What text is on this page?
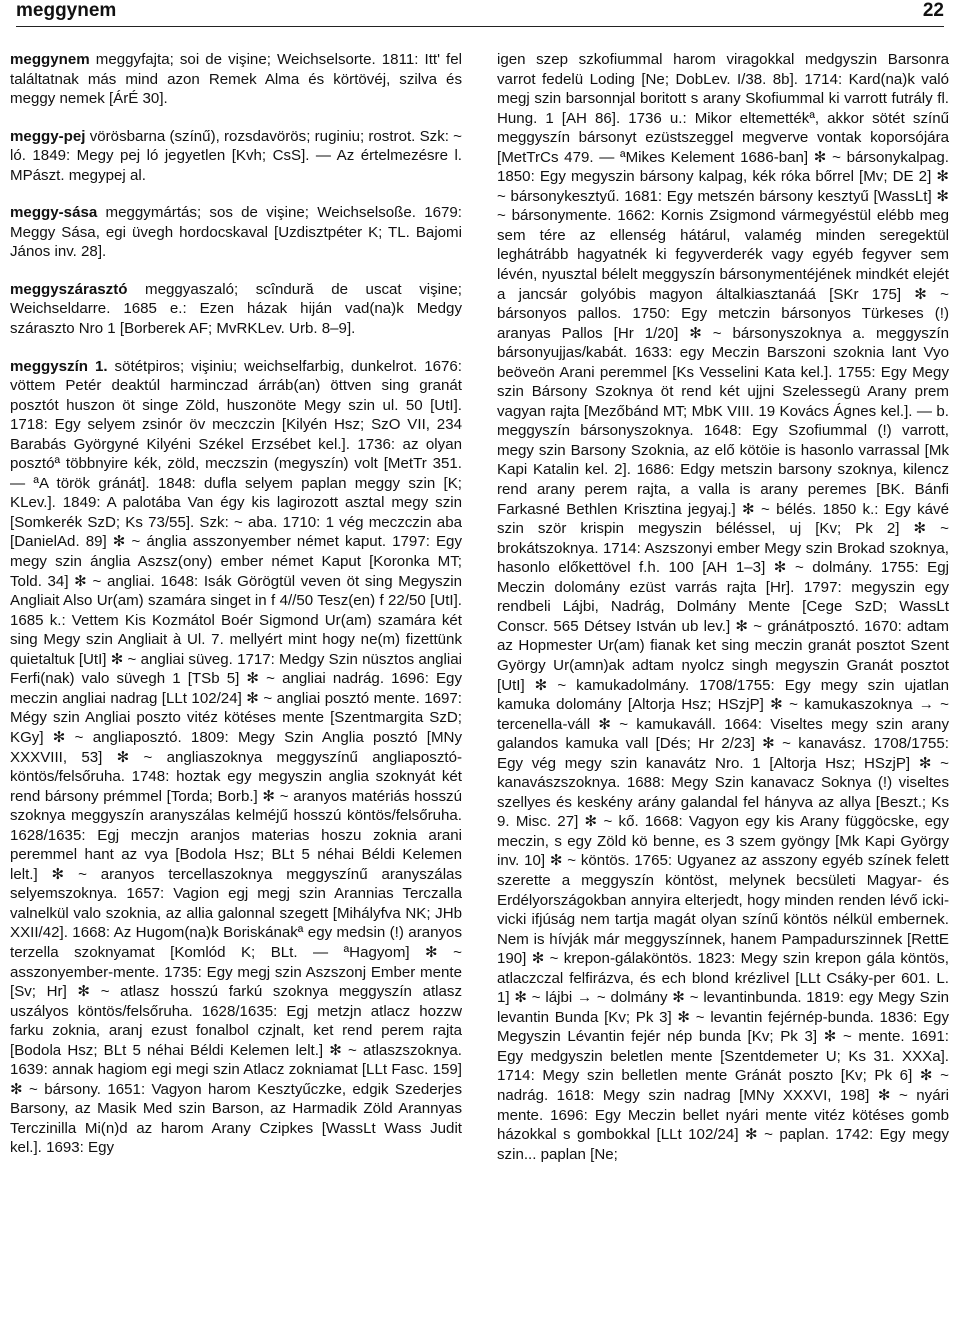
meggynem	22

meggynem meggyfajta; soi de vişine; Weichselsorte. 1811: Itt' fel találtatnak más mind azon Remek Alma és körtövéj, szilva és meggy nemek [ÁrÉ 30].

meggy-pej vörösbarna (színű), rozsdavörös; ruginiu; rostrot. Szk: ~ ló. 1849: Megy pej ló jegyetlen [Kvh; CsS]. — Az értelmezésre l. MPászt. megypej al.

meggy-sása meggymártás; sos de vişine; Weichselsoße. 1679: Meggy Sása, egi üvegh hordocskaval [Uzdisztpéter K; TL. Bajomi János inv. 28].

meggyszárasztó meggyaszaló; scîndură de uscat vişine; Weichseldarre. 1685 e.: Ezen házak hiján vad(na)k Medgy száraszto Nro 1 [Borberek AF; MvRKLev. Urb. 8–9].

meggyszín 1. sötétpiros; vişiniu; weichselfarbig, dunkelrot. 1676: vöttem Petér deaktúl harminczad árráb(an) öttven sing granát posztót huszon öt singe Zöld, huszonöte Megy szin ul. 50 [UtI]. 1718: Egy selyem zsinór öv meczczin [Kilyén Hsz; SzO VII, 234 Barabás Györgyné Kilyéni Székel Erzsébet kel.]. 1736: az olyan posztóª többnyire kék, zöld, meczszin (megyszín) volt [MetTr 351. — ªA török gránát]. 1848: dufla selyem paplan meggy szin [K; KLev.]. 1849: A palotába Van égy kis lagirozott asztal megy szin [Somkerék SzD; Ks 73/55]. Szk: ~ aba. 1710: 1 vég meczczin aba [DanielAd. 89] ✻ ~ ánglia asszonyember német kaput. 1797: Egy megy szin ánglia Aszsz(ony) ember német Kaput [Koronka MT; Told. 34] ✻ ~ angliai. 1648: Isák Görögtül veven öt sing Megyszin Angliait Also Ur(am) szamára singet in f 4//50 Tesz(en) f 22/50 [UtI]. 1685 k.: Vettem Kis Kozmátol Boér Sigmond Ur(am) szamára két sing Megy szin Angliait à Ul. 7. mellyért mint hogy ne(m) fizettünk quietaltuk [UtI] ✻ ~ angliai süveg. 1717: Medgy Szin nüsztos angliai Ferfi(nak) valo süvegh 1 [TSb 5] ✻ ~ angliai nadrág. 1696: Egy meczin angliai nadrag [LLt 102/24] ✻ ~ angliai posztó mente. 1697: Mégy szin Angliai poszto vitéz kötéses mente [Szentmargita SzD; KGy] ✻ ~ angliaposztó. 1809: Megy Szin Anglia posztó [MNy XXXVIII, 53] ✻ ~ angliaszoknya meggyszínű angliaposztó-köntös/felsőruha. 1748: hoztak egy megyszin anglia szoknyát két rend bársony prémmel [Torda; Borb.] ✻ ~ aranyos matériás hosszú szoknya meggyszín aranyszálas kelméjű hosszú köntös/felsőruha. 1628/1635: Egj meczjn aranjos materias hoszu zoknia arani peremmel hant az vya [Bodola Hsz; BLt 5 néhai Béldi Kelemen lelt.] ✻ ~ aranyos tercellaszoknya meggyszínű aranyszálas selyemszoknya. 1657: Vagion egj megj szin Arannias Terczalla valnelkül valo szoknia, az allia galonnal szegett [Mihályfva NK; JHb XXII/42]. 1668: Az Hugom(na)k Boriskánakª egy medsin (!) aranyos terzella szoknyamat [Komlód K; BLt. — ªHagyom] ✻ ~ asszonyember-mente. 1735: Egy megj szin Aszszonj Ember mente [Sv; Hr] ✻ ~ atlasz hosszú farkú szoknya meggyszín atlasz uszályos köntös/felsőruha. 1628/1635: Egj metzjn atlacz hozzw farku zoknia, aranj ezust fonalbol czjnalt, ket rend perem rajta [Bodola Hsz; BLt 5 néhai Béldi Kelemen lelt.] ✻ ~ atlaszszoknya. 1639: annak hagiom egi megi szin Atlacz zokniamat [LLt Fasc. 159] ✻ ~ bársony. 1651: Vagyon harom Kesztyűczke, edgik Szederjes Barsony, az Masik Med szin Barson, az Harmadik Zöld Arannyas Terczinilla Mi(n)d az harom Arany Czipkes [WassLt Wass Judit kel.]. 1693: Egy

igen szep szkofiummal harom viragokkal medgyszin Barsonra varrot fedelü Loding [Ne; DobLev. I/38. 8b]. 1714: Kard(na)k való megj szin barsonnjal boritott s arany Skofiummal ki varrott futrály fl. Hung. 1 [AH 86]. 1736 u.: Mikor eltemettékª, akkor sötét színű meggyszín bársonyt ezüstszeggel megverve vontak koporsójára [MetTrCs 479. — ªMikes Kelement 1686-ban] ✻ ~ bársonykalpag. 1850: Egy megyszin bársony kalpag, kék róka bőrrel [Mv; DE 2] ✻ ~ bársonykesztyű. 1681: Egy metszén bársony kesztyű [WassLt] ✻ ~ bársonymente. 1662: Kornis Zsigmond vármegyéstül elébb meg sem tére az ellenség hátárul, valamég minden seregektül leghátrább hagyatnék ki fegyverderék vagy egyéb fegyver sem lévén, nyusztal bélelt meggyszín bársonymentéjének mindkét elejét a jancsár golyóbis magyon általkiasztanáá [SKr 175] ✻ ~ bársonyos pallos. 1750: Egy metczin bársonyos Türkeses (!) aranyas Pallos [Hr 1/20] ✻ ~ bársonyszoknya a. meggyszín bársonyujjas/kabát. 1633: egy Meczin Barszoni szoknia lant Vyo beöveön Arani peremmel [Ks Vesselini Kata kel.]. 1755: Egy Megy szin Bársony Szoknya öt rend két ujjni Szelessegü Arany prem vagyan rajta [Mezőbánd MT; MbK VIII. 19 Kovács Ágnes kel.]. — b. meggyszín bársonyszoknya. 1648: Egy Szofiummal (!) varrott, megy szin Barsony Szoknia, az elő kötöie is hasonlo varrassal [Mk Kapi Katalin kel. 2]. 1686: Edgy metszin barsony szoknya, kilencz rend arany perem rajta, a valla is arany peremes [BK. Bánfi Farkasné Bethlen Krisztina jegyaj.] ✻ ~ bélés. 1850 k.: Egy kávé szin ször krispin megyszin béléssel, uj [Kv; Pk 2] ✻ ~ brokátszoknya. 1714: Aszszonyi ember Megy szin Brokad szoknya, hasonlo előkettövel f.h. 100 [AH 1–3] ✻ ~ dolmány. 1755: Egj Meczin dolomány ezüst varrás rajta [Hr]. 1797: megyszin egy rendbeli Lájbi, Nadrág, Dolmány Mente [Cege SzD; WassLt Conscr. 565 Détsey István ub lev.] ✻ ~ gránátposztó. 1670: adtam az Hopmester Ur(am) fianak ket sing meczin granát posztot Szent György Ur(amn)ak adtam nyolcz singh megyszin Granát posztot [UtI] ✻ ~ kamukadolmány. 1708/1755: Egy megy szin ujatlan kamuka dolomány [Altorja Hsz; HSzjP] ✻ ~ kamukaszoknya → ~ tercenella-váll ✻ ~ kamukaváll. 1664: Viseltes megy szin arany galandos kamuka vall [Dés; Hr 2/23] ✻ ~ kanavász. 1708/1755: Egy vég megy szin kanavátz Nro. 1 [Altorja Hsz; HSzjP] ✻ ~ kanavászszoknya. 1688: Megy Szin kanavacz Soknya (!) viseltes szellyes és keskény arány galandal fel hányva az allya [Beszt.; Ks 9. Misc. 27] ✻ ~ kő. 1668: Vagyon egy kis Arany függöcske, egy meczin, s egy Zöld kö benne, es 3 szem gyöngy [Mk Kapi György inv. 10] ✻ ~ köntös. 1765: Ugyanez az asszony egyéb színek felett szerette a meggyszín köntöst, melynek becsületi Magyar- és Erdélyországokban annyira elterjedt, hogy minden renden lévő icki-vicki ifjúság nem tartja magát olyan színű köntös nélkül embernek. Nem is hívják már meggyszínnek, hanem Pampadurszinnek [RettE 190] ✻ ~ krepon-gálaköntös. 1823: Megy szin krepon gála köntös, atlaczczal felfirázva, és ech blond krézlivel [LLt Csáky-per 601. L. 1] ✻ ~ lájbi → ~ dolmány ✻ ~ levantinbunda. 1819: egy Megy Szin levantin Bunda [Kv; Pk 3] ✻ ~ levantin fejérnép-bunda. 1836: Egy Megyszin Lévantin fejér nép bunda [Kv; Pk 3] ✻ ~ mente. 1691: Egy medgyszin beletlen mente [Szentdemeter U; Ks 31. XXXa]. 1714: Megy szin belletlen mente Gránát poszto [Kv; Pk 6] ✻ ~ nadrág. 1618: Megy szin nadrag [MNy XXXVI, 198] ✻ ~ nyári mente. 1696: Egy Meczin bellet nyári mente vitéz kötéses gomb házokkal s gombokkal [LLt 102/24] ✻ ~ paplan. 1742: Egy megy szin... paplan [Ne;
